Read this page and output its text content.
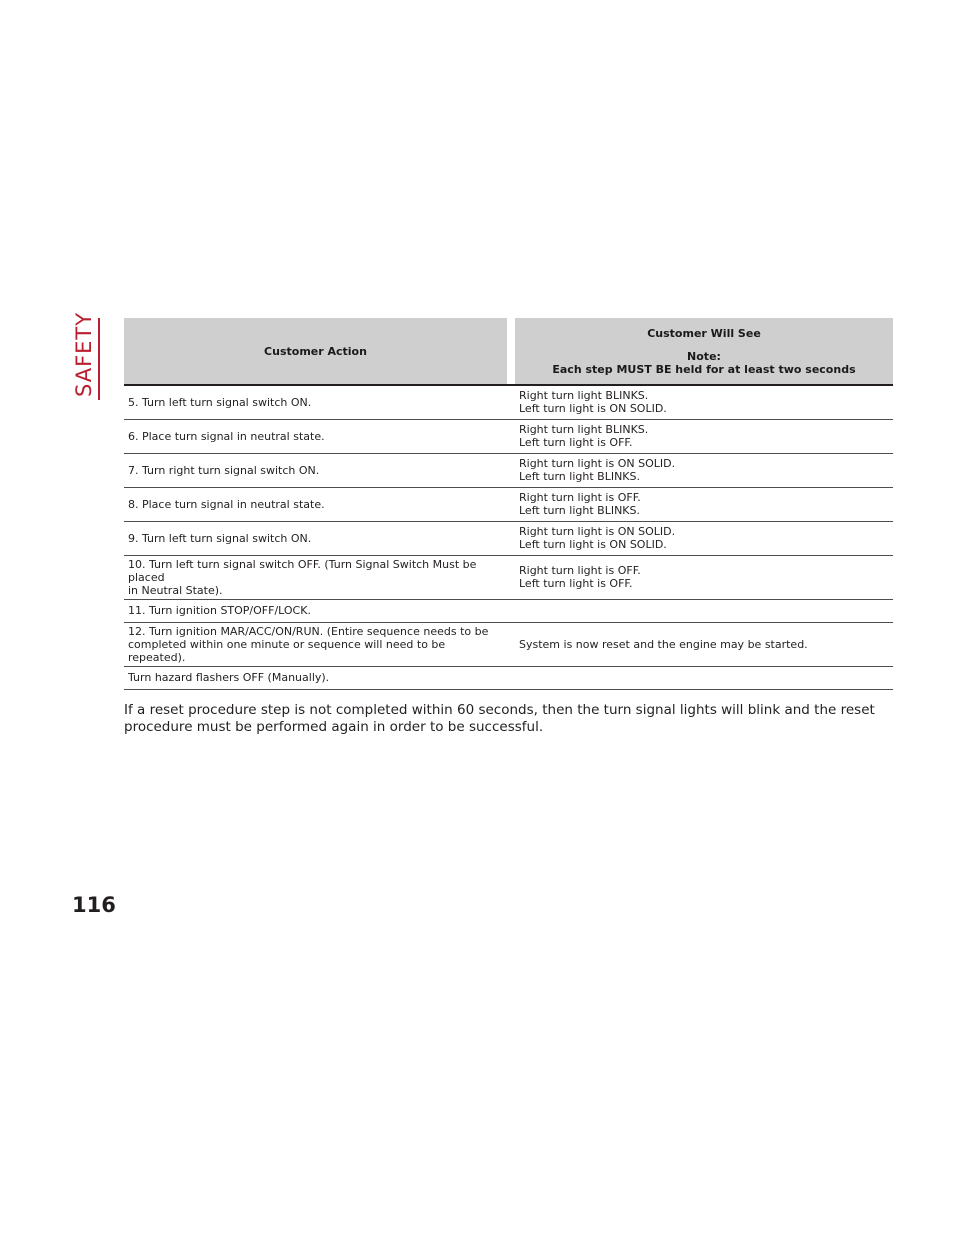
SAFETY	Customer Action		Customer Will See
Note:
Each step MUST BE held for at least two seconds

5. Turn left turn signal switch ON.		Right turn light BLINKS.
Left turn light is ON SOLID.

6. Place turn signal in neutral state.		Right turn light BLINKS.
Left turn light is OFF.

7. Turn right turn signal switch ON.		Right turn light is ON SOLID.
Left turn light BLINKS.

8. Place turn signal in neutral state.		Right turn light is OFF.
Left turn light BLINKS.

9. Turn left turn signal switch ON.		Right turn light is ON SOLID.
Left turn light is ON SOLID.

10. Turn left turn signal switch OFF. (Turn Signal Switch Must be placed
in Neutral State).		Right turn light is OFF.
Left turn light is OFF.

11. Turn ignition STOP/OFF/LOCK.		

12. Turn ignition MAR/ACC/ON/RUN. (Entire sequence needs to be
completed within one minute or sequence will need to be repeated).		System is now reset and the engine may be started.

Turn hazard flashers OFF (Manually).		

If a reset procedure step is not completed within 60 seconds, then the turn signal lights will blink and the reset procedure must be performed again in order to be successful.

116
